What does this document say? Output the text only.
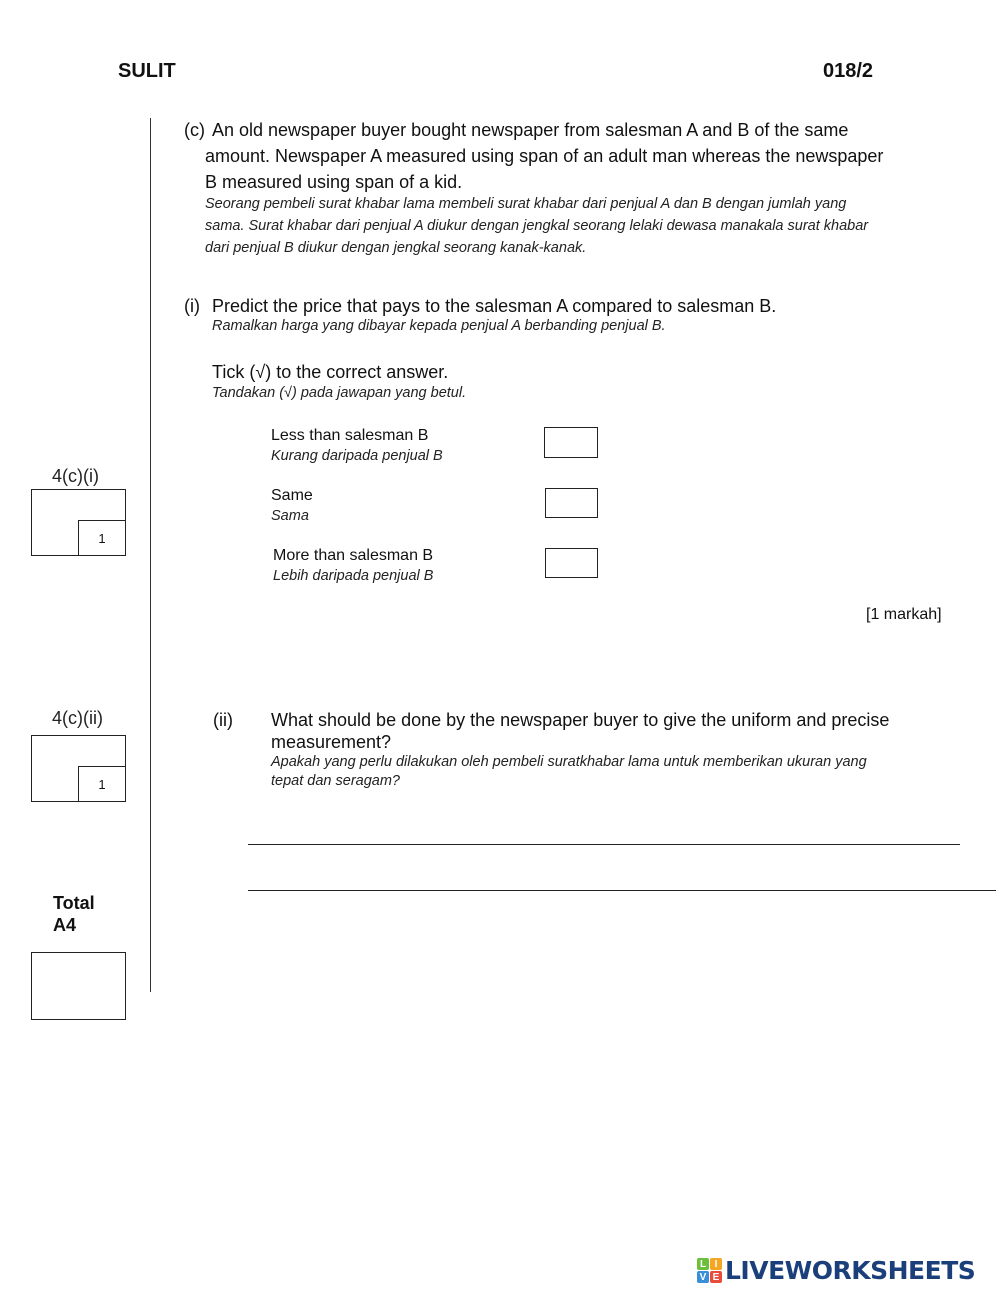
SULIT	018/2
(c) An old newspaper buyer bought newspaper from salesman A and B of the same
amount. Newspaper A measured using span of an adult man whereas the newspaper
B measured using span of a kid.
Seorang pembeli surat khabar lama membeli surat khabar dari penjual A dan B dengan jumlah yang
sama. Surat khabar dari penjual A diukur dengan jengkal seorang lelaki dewasa manakala surat khabar
dari penjual B diukur dengan jengkal seorang kanak-kanak.
(i) Predict the price that pays to the salesman A compared to salesman B.
Ramalkan harga yang dibayar kepada penjual A berbanding penjual B.
Tick (√) to the correct answer.
Tandakan (√) pada jawapan yang betul.
Less than salesman B
Kurang daripada penjual B
Same
Sama
More than salesman B
Lebih daripada penjual B
[1 markah]
4(c)(i)
1
(ii) What should be done by the newspaper buyer to give the uniform and precise
measurement?
Apakah yang perlu dilakukan oleh pembeli suratkhabar lama untuk memberikan ukuran yang
tepat dan seragam?
4(c)(ii)
1
Total
A4
L I
V E LIVEWORKSHEETS
